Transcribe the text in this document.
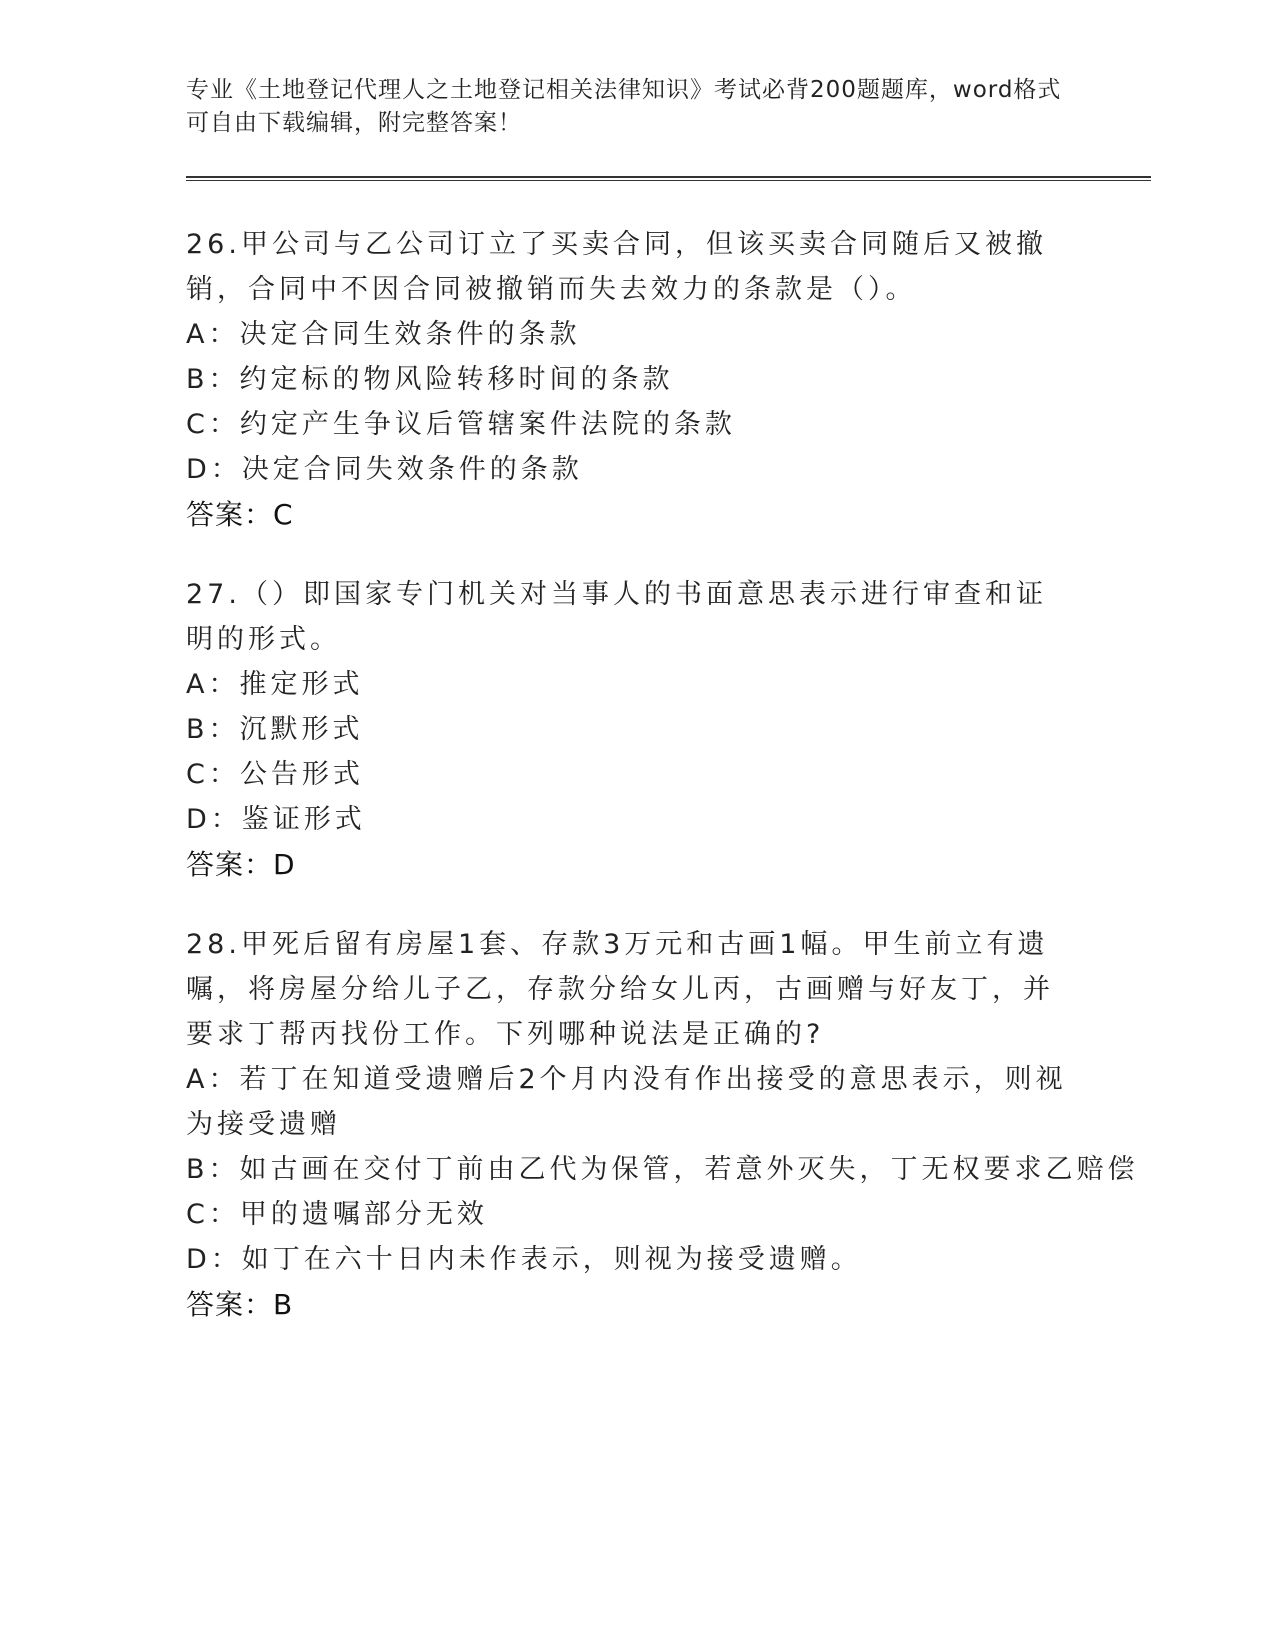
专业《土地登记代理人之土地登记相关法律知识》考试必背200题题库，word格式可自由下载编辑，附完整答案！
26.甲公司与乙公司订立了买卖合同，但该买卖合同随后又被撤销，合同中不因合同被撤销而失去效力的条款是（）。
A：决定合同生效条件的条款
B：约定标的物风险转移时间的条款
C：约定产生争议后管辖案件法院的条款
D：决定合同失效条件的条款
答案：C
27.（）即国家专门机关对当事人的书面意思表示进行审查和证明的形式。
A：推定形式
B：沉默形式
C：公告形式
D：鉴证形式
答案：D
28.甲死后留有房屋1套、存款3万元和古画1幅。甲生前立有遗嘱，将房屋分给儿子乙，存款分给女儿丙，古画赠与好友丁，并要求丁帮丙找份工作。下列哪种说法是正确的?
A：若丁在知道受遗赠后2个月内没有作出接受的意思表示，则视为接受遗赠
B：如古画在交付丁前由乙代为保管，若意外灭失，丁无权要求乙赔偿
C：甲的遗嘱部分无效
D：如丁在六十日内未作表示，则视为接受遗赠。
答案：B
